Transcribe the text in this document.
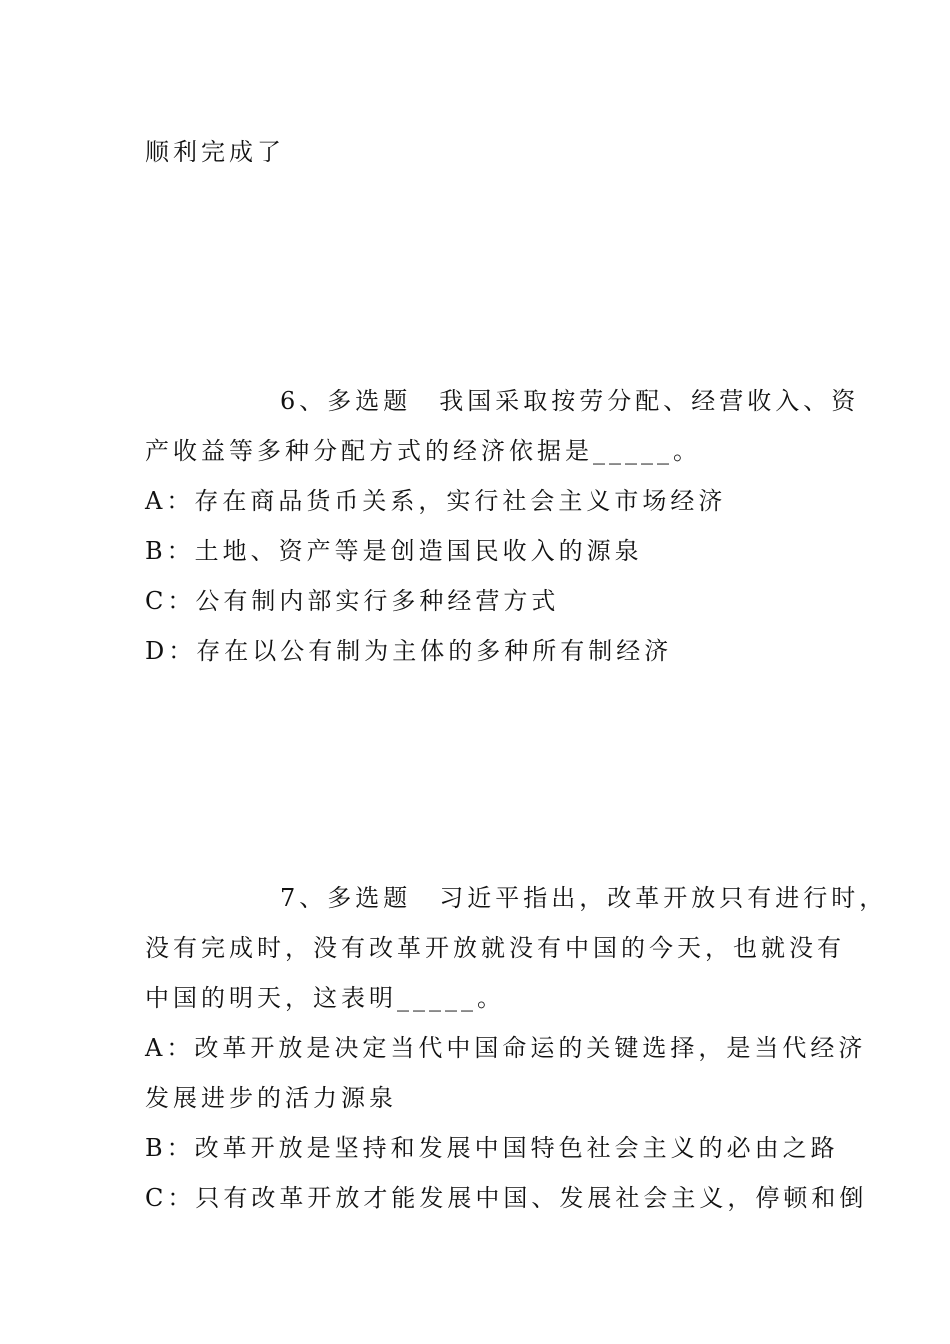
顺利完成了
6、多选题　我国采取按劳分配、经营收入、资
产收益等多种分配方式的经济依据是_____。
A：存在商品货币关系，实行社会主义市场经济
B：土地、资产等是创造国民收入的源泉
C：公有制内部实行多种经营方式
D：存在以公有制为主体的多种所有制经济
7、多选题　习近平指出，改革开放只有进行时，
没有完成时，没有改革开放就没有中国的今天，也就没有
中国的明天，这表明_____。
A：改革开放是决定当代中国命运的关键选择，是当代经济
发展进步的活力源泉
B：改革开放是坚持和发展中国特色社会主义的必由之路
C：只有改革开放才能发展中国、发展社会主义，停顿和倒
